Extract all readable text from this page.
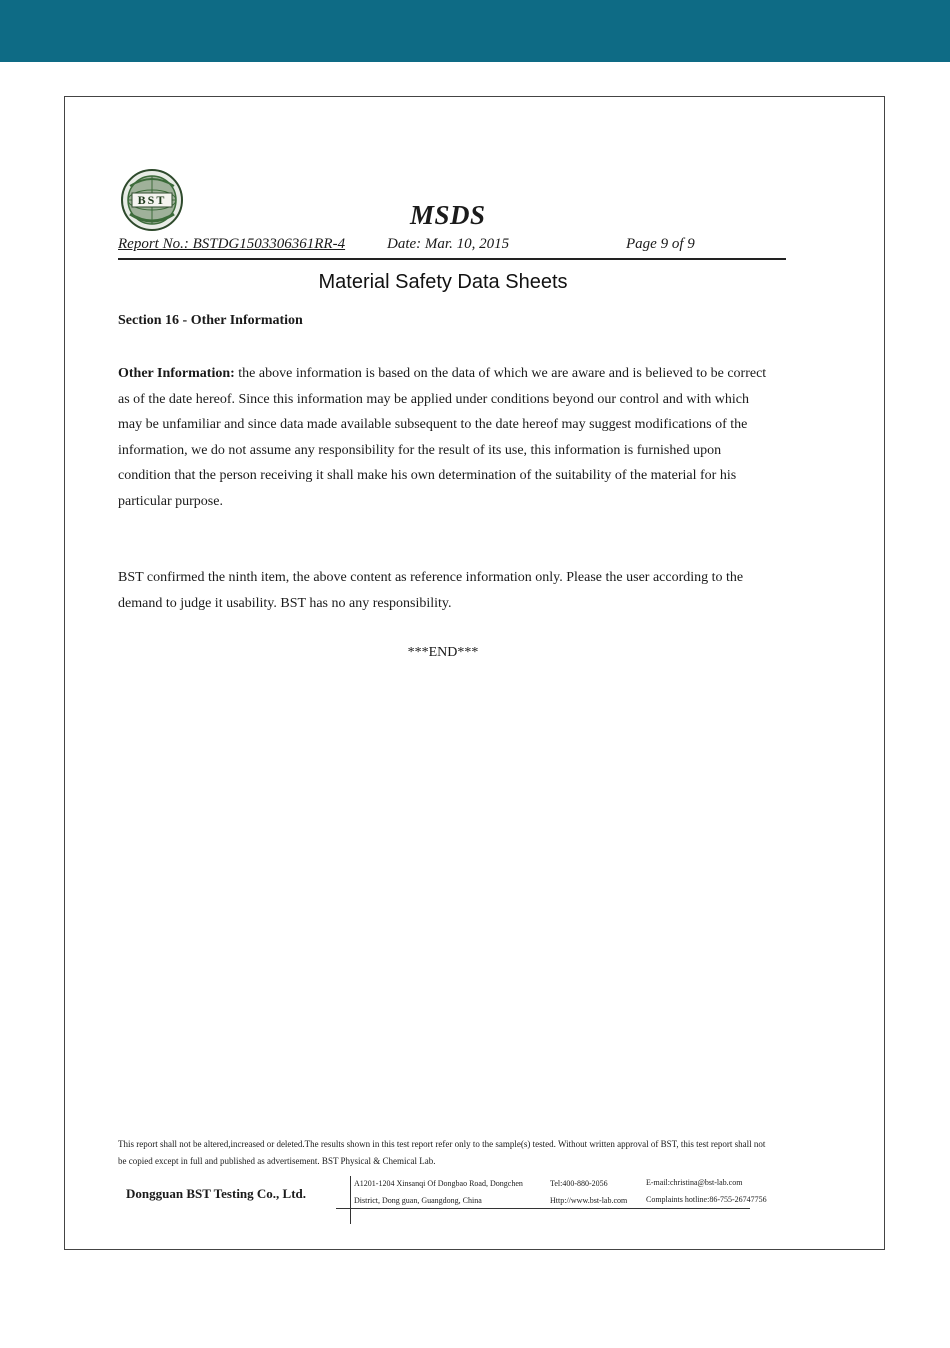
BST	MSDS
Report No.: BSTDG1503306361RR-4	Date: Mar. 10, 2015	Page 9 of 9
Material Safety Data Sheets
Section 16 - Other Information

Other Information: the above information is based on the data of which we are aware and is believed to be correct as of the date hereof. Since this information may be applied under conditions beyond our control and with which may be unfamiliar and since data made available subsequent to the date hereof may suggest modifications of the information, we do not assume any responsibility for the result of its use, this information is furnished upon condition that the person receiving it shall make his own determination of the suitability of the material for his particular purpose.

BST confirmed the ninth item, the above content as reference information only. Please the user according to the demand to judge it usability. BST has no any responsibility.

***END***
This report shall not be altered,increased or deleted.The results shown in this test report refer only to the sample(s) tested. Without written approval of BST, this test report shall not be copied except in full and published as advertisement. BST Physical & Chemical Lab.
Dongguan BST Testing Co., Ltd.
A1201-1204 Xinsanqi Of Dongbao Road, Dongchen
District, Dong guan, Guangdong, China
Tel:400-880-2056
Http://www.bst-lab.com
E-mail:christina@bst-lab.com
Complaints hotline:86-755-26747756
